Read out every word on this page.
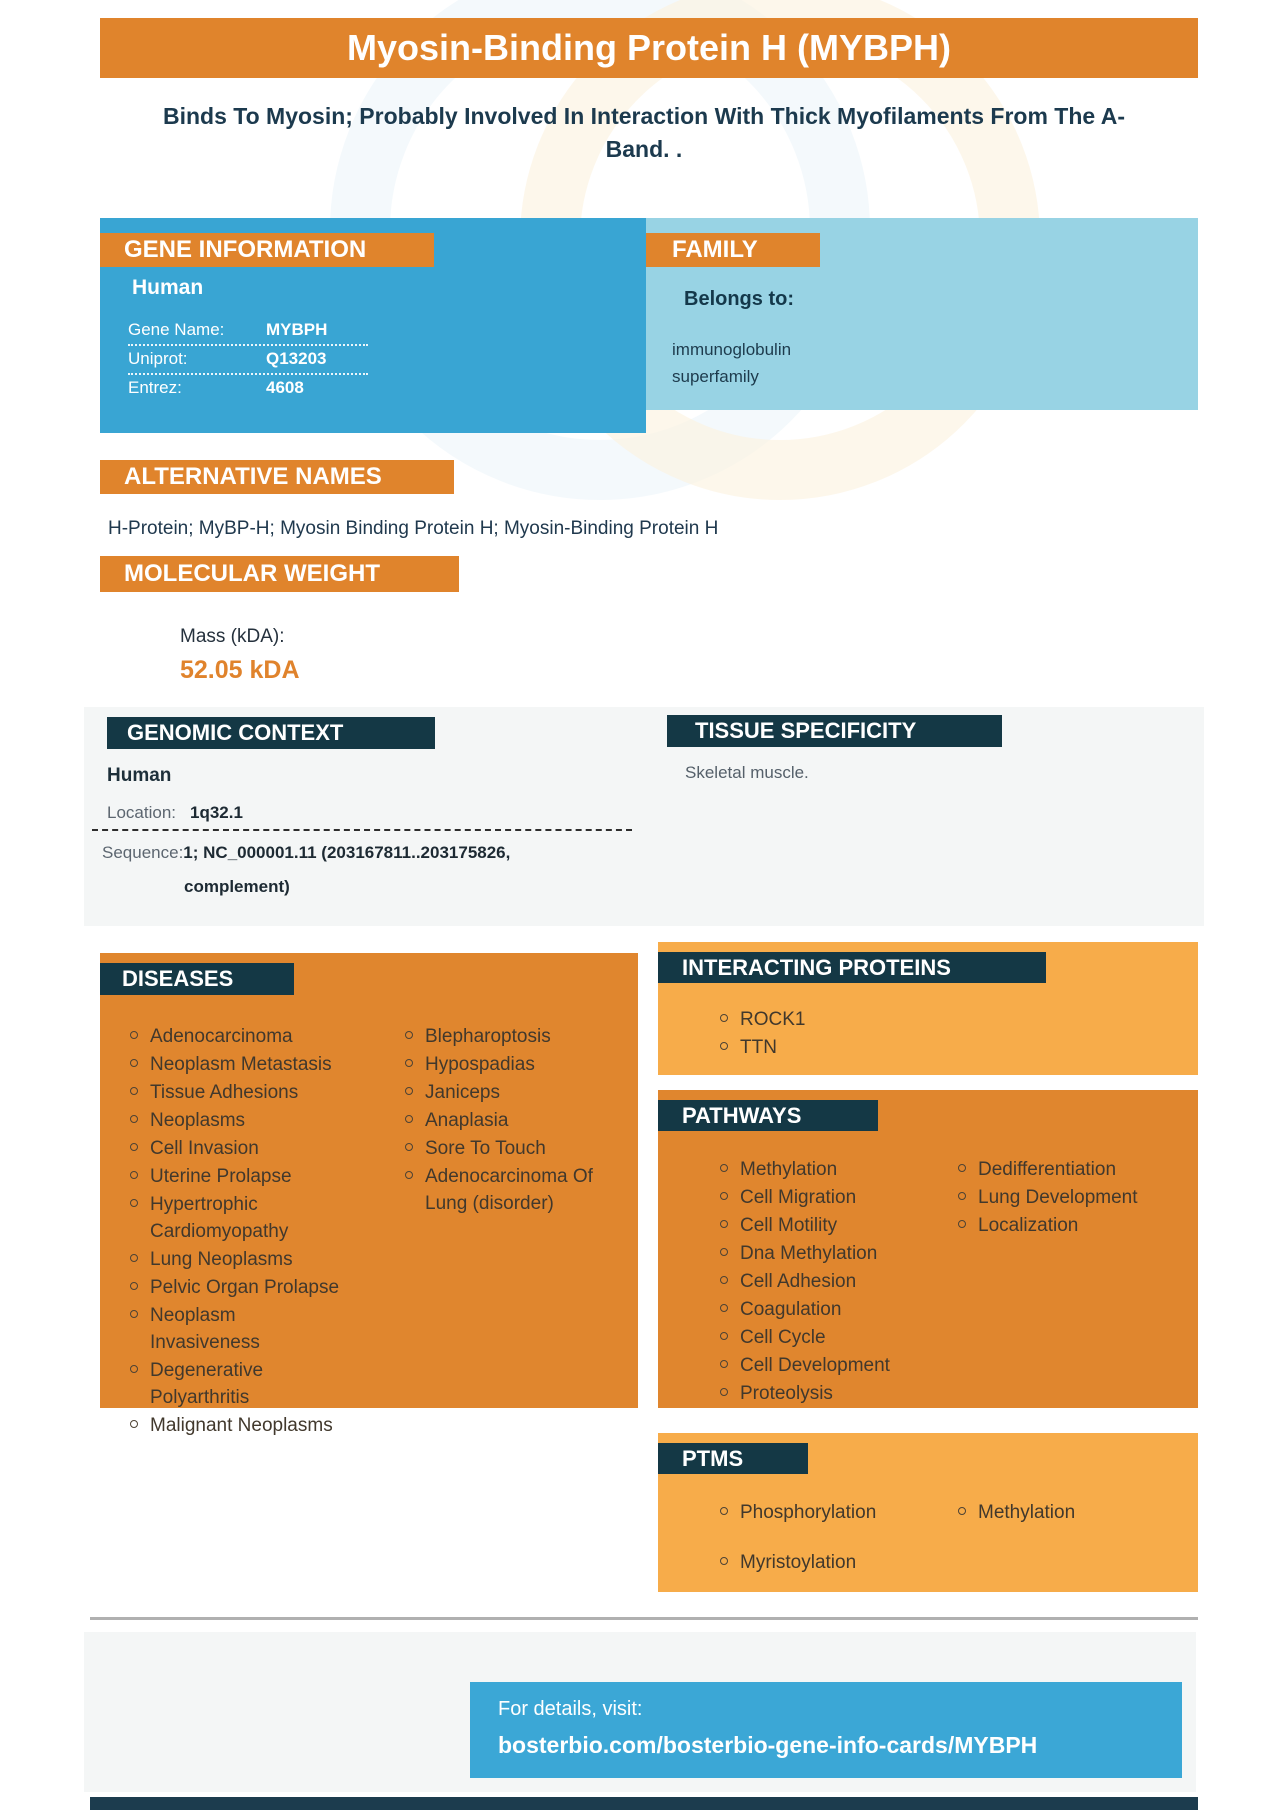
Myosin-Binding Protein H (MYBPH)
Binds To Myosin; Probably Involved In Interaction With Thick Myofilaments From The A-Band. .
GENE INFORMATION
Human
Gene Name:	MYBPH
Uniprot:	Q13203
Entrez:	4608
FAMILY
Belongs to:
immunoglobulin superfamily
ALTERNATIVE NAMES
H-Protein; MyBP-H; Myosin Binding Protein H; Myosin-Binding Protein H
MOLECULAR WEIGHT
Mass (kDA):
52.05 kDA
GENOMIC CONTEXT
Human
Location: 1q32.1
Sequence:1; NC_000001.11 (203167811..203175826,
complement)
TISSUE SPECIFICITY
Skeletal muscle.
DISEASES
Adenocarcinoma
Neoplasm Metastasis
Tissue Adhesions
Neoplasms
Cell Invasion
Uterine Prolapse
Hypertrophic Cardiomyopathy
Lung Neoplasms
Pelvic Organ Prolapse
Neoplasm Invasiveness
Degenerative Polyarthritis
Malignant Neoplasms
Blepharoptosis
Hypospadias
Janiceps
Anaplasia
Sore To Touch
Adenocarcinoma Of Lung (disorder)
INTERACTING PROTEINS
ROCK1
TTN
PATHWAYS
Methylation
Cell Migration
Cell Motility
Dna Methylation
Cell Adhesion
Coagulation
Cell Cycle
Cell Development
Proteolysis
Dedifferentiation
Lung Development
Localization
PTMS
Phosphorylation
Myristoylation
Methylation
For details, visit:
bosterbio.com/bosterbio-gene-info-cards/MYBPH
